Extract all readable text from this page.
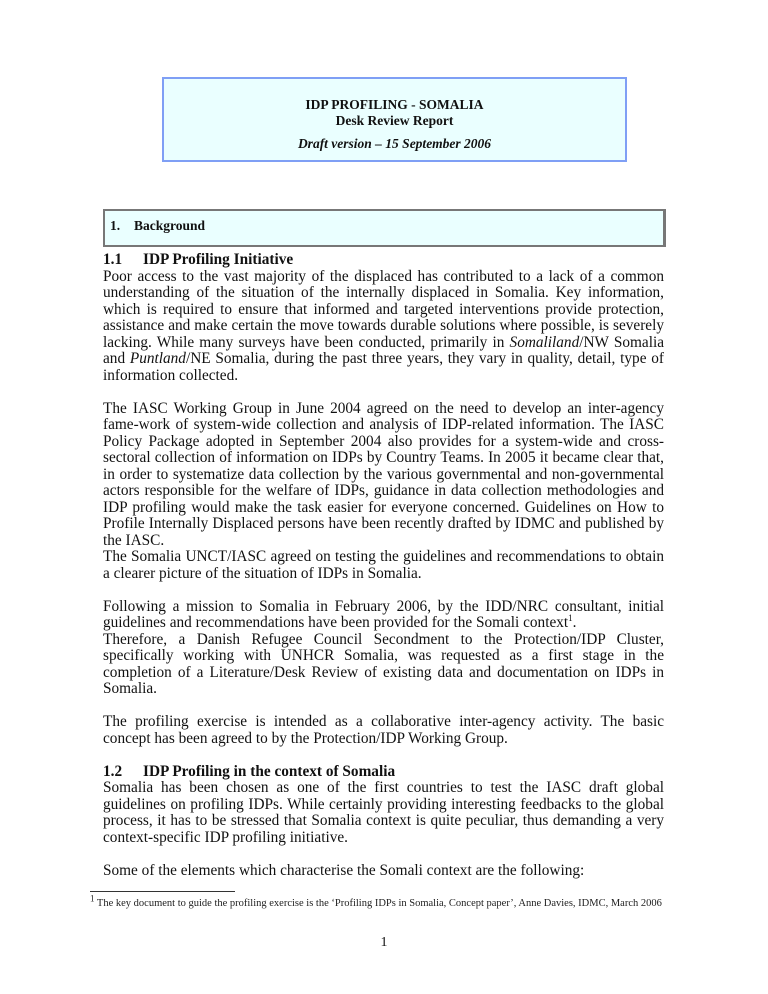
IDP PROFILING - SOMALIA
Desk Review Report
Draft version – 15 September 2006
1. Background
1.1 IDP Profiling Initiative

Poor access to the vast majority of the displaced has contributed to a lack of a common understanding of the situation of the internally displaced in Somalia. Key information, which is required to ensure that informed and targeted interventions provide protection, assistance and make certain the move towards durable solutions where possible, is severely lacking. While many surveys have been conducted, primarily in Somaliland/NW Somalia and Puntland/NE Somalia, during the past three years, they vary in quality, detail, type of information collected.

The IASC Working Group in June 2004 agreed on the need to develop an inter-agency fame-work of system-wide collection and analysis of IDP-related information. The IASC Policy Package adopted in September 2004 also provides for a system-wide and cross-sectoral collection of information on IDPs by Country Teams. In 2005 it became clear that, in order to systematize data collection by the various governmental and non-governmental actors responsible for the welfare of IDPs, guidance in data collection methodologies and IDP profiling would make the task easier for everyone concerned. Guidelines on How to Profile Internally Displaced persons have been recently drafted by IDMC and published by the IASC.

The Somalia UNCT/IASC agreed on testing the guidelines and recommendations to obtain a clearer picture of the situation of IDPs in Somalia.

Following a mission to Somalia in February 2006, by the IDD/NRC consultant, initial guidelines and recommendations have been provided for the Somali context$^1$.

Therefore, a Danish Refugee Council Secondment to the Protection/IDP Cluster, specifically working with UNHCR Somalia, was requested as a first stage in the completion of a Literature/Desk Review of existing data and documentation on IDPs in Somalia.

The profiling exercise is intended as a collaborative inter-agency activity. The basic concept has been agreed to by the Protection/IDP Working Group.

1.2 IDP Profiling in the context of Somalia

Somalia has been chosen as one of the first countries to test the IASC draft global guidelines on profiling IDPs. While certainly providing interesting feedbacks to the global process, it has to be stressed that Somalia context is quite peculiar, thus demanding a very context-specific IDP profiling initiative.

Some of the elements which characterise the Somali context are the following:

$^1$ The key document to guide the profiling exercise is the ‘Profiling IDPs in Somalia, Concept paper’, Anne Davies, IDMC, March 2006
1
